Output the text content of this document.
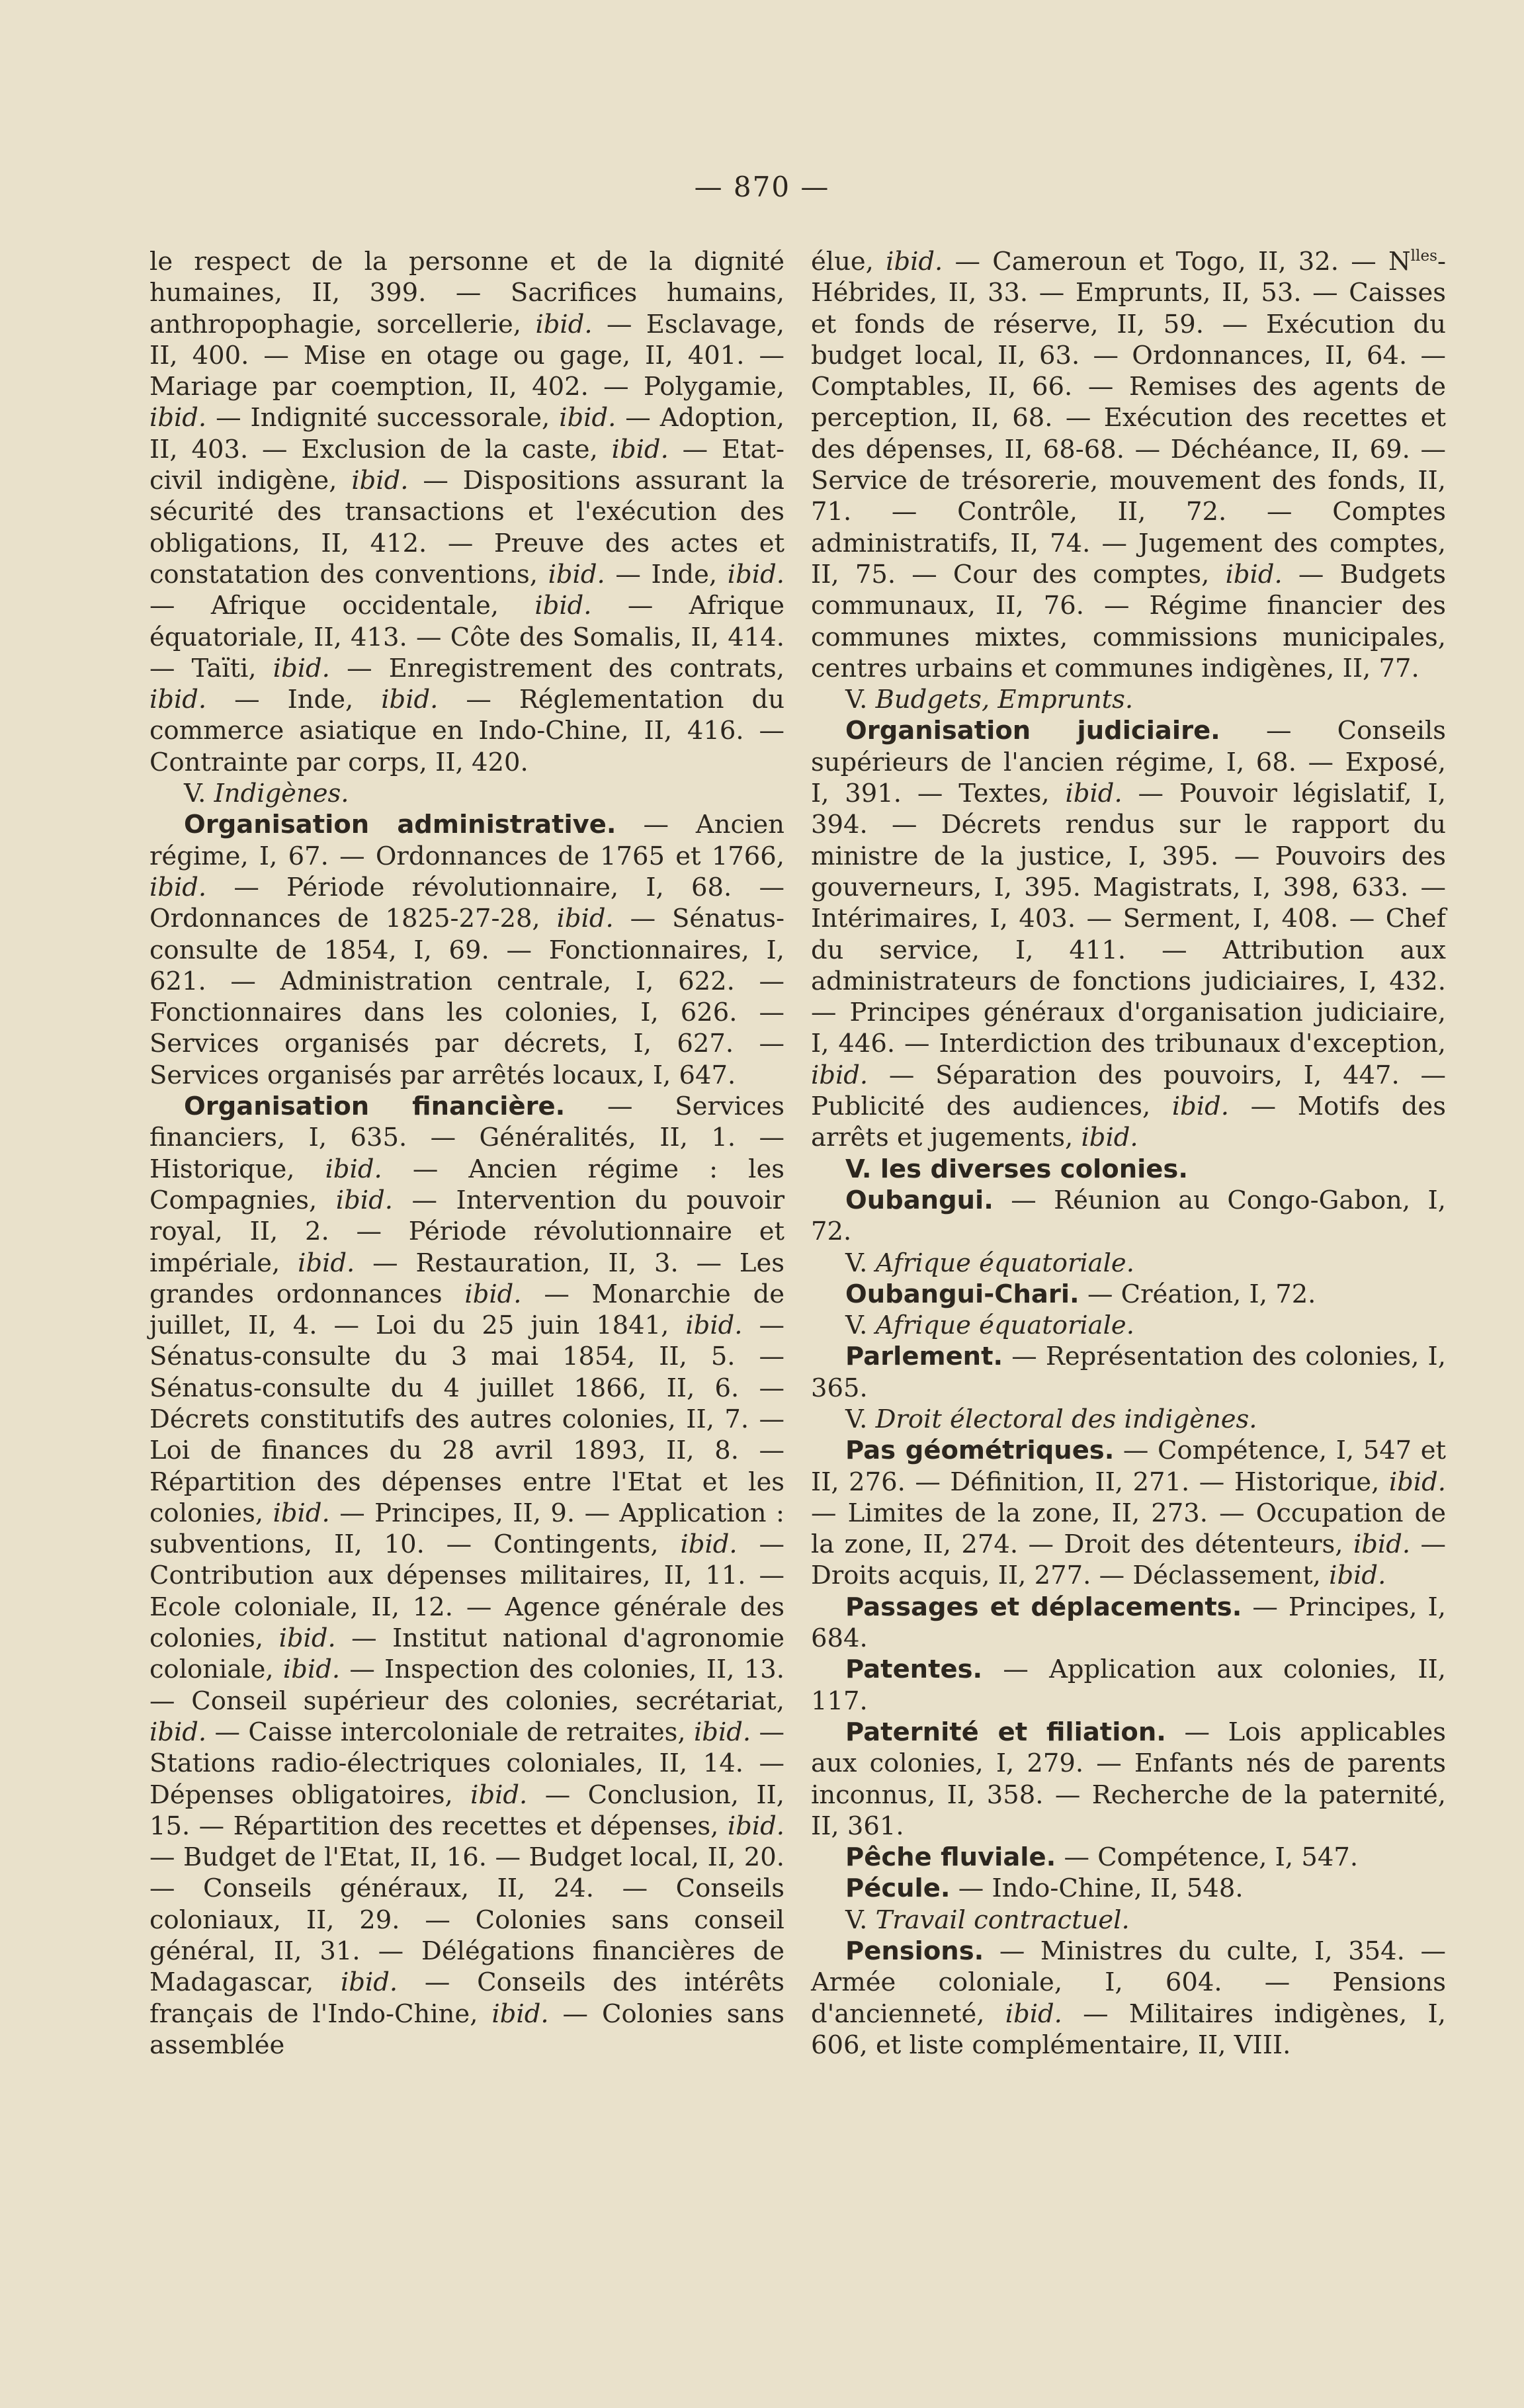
— 870 —

le respect de la personne et de la dignité humaines, II, 399. — Sacrifices humains, anthropophagie, sorcellerie, ibid. — Esclavage, II, 400. — Mise en otage ou gage, II, 401. — Mariage par coemption, II, 402. — Polygamie, ibid. — Indignité successorale, ibid. — Adoption, II, 403. — Exclusion de la caste, ibid. — Etat-civil indigène, ibid. — Dispositions assurant la sécurité des transactions et l'exécution des obligations, II, 412. — Preuve des actes et constatation des conventions, ibid. — Inde, ibid. — Afrique occidentale, ibid. — Afrique équatoriale, II, 413. — Côte des Somalis, II, 414. — Taïti, ibid. — Enregistrement des contrats, ibid. — Inde, ibid. — Réglementation du commerce asiatique en Indo-Chine, II, 416. — Contrainte par corps, II, 420.

V. Indigènes.

Organisation administrative. — Ancien régime, I, 67. — Ordonnances de 1765 et 1766, ibid. — Période révolutionnaire, I, 68. — Ordonnances de 1825-27-28, ibid. — Sénatus-consulte de 1854, I, 69. — Fonctionnaires, I, 621. — Administration centrale, I, 622. — Fonctionnaires dans les colonies, I, 626. — Services organisés par décrets, I, 627. — Services organisés par arrêtés locaux, I, 647.

Organisation financière. — Services financiers, I, 635. — Généralités, II, 1. — Historique, ibid. — Ancien régime : les Compagnies, ibid. — Intervention du pouvoir royal, II, 2. — Période révolutionnaire et impériale, ibid. — Restauration, II, 3. — Les grandes ordonnances ibid. — Monarchie de juillet, II, 4. — Loi du 25 juin 1841, ibid. — Sénatus-consulte du 3 mai 1854, II, 5. — Sénatus-consulte du 4 juillet 1866, II, 6. — Décrets constitutifs des autres colonies, II, 7. — Loi de finances du 28 avril 1893, II, 8. — Répartition des dépenses entre l'Etat et les colonies, ibid. — Principes, II, 9. — Application : subventions, II, 10. — Contingents, ibid. — Contribution aux dépenses militaires, II, 11. — Ecole coloniale, II, 12. — Agence générale des colonies, ibid. — Institut national d'agronomie coloniale, ibid. — Inspection des colonies, II, 13. — Conseil supérieur des colonies, secrétariat, ibid. — Caisse intercoloniale de retraites, ibid. — Stations radio-électriques coloniales, II, 14. — Dépenses obligatoires, ibid. — Conclusion, II, 15. — Répartition des recettes et dépenses, ibid. — Budget de l'Etat, II, 16. — Budget local, II, 20. — Conseils généraux, II, 24. — Conseils coloniaux, II, 29. — Colonies sans conseil général, II, 31. — Délégations financières de Madagascar, ibid. — Conseils des intérêts français de l'Indo-Chine, ibid. — Colonies sans assemblée

élue, ibid. — Cameroun et Togo, II, 32. — $N^{lles}$-Hébrides, II, 33. — Emprunts, II, 53. — Caisses et fonds de réserve, II, 59. — Exécution du budget local, II, 63. — Ordonnances, II, 64. — Comptables, II, 66. — Remises des agents de perception, II, 68. — Exécution des recettes et des dépenses, II, 68-68. — Déchéance, II, 69. — Service de trésorerie, mouvement des fonds, II, 71. — Contrôle, II, 72. — Comptes administratifs, II, 74. — Jugement des comptes, II, 75. — Cour des comptes, ibid. — Budgets communaux, II, 76. — Régime financier des communes mixtes, commissions municipales, centres urbains et communes indigènes, II, 77.

V. Budgets, Emprunts.

Organisation judiciaire. — Conseils supérieurs de l'ancien régime, I, 68. — Exposé, I, 391. — Textes, ibid. — Pouvoir législatif, I, 394. — Décrets rendus sur le rapport du ministre de la justice, I, 395. — Pouvoirs des gouverneurs, I, 395. Magistrats, I, 398, 633. — Intérimaires, I, 403. — Serment, I, 408. — Chef du service, I, 411. — Attribution aux administrateurs de fonctions judiciaires, I, 432. — Principes généraux d'organisation judiciaire, I, 446. — Interdiction des tribunaux d'exception, ibid. — Séparation des pouvoirs, I, 447. — Publicité des audiences, ibid. — Motifs des arrêts et jugements, ibid.

V. les diverses colonies.

Oubangui. — Réunion au Congo-Gabon, I, 72.

V. Afrique équatoriale.

Oubangui-Chari. — Création, I, 72.

V. Afrique équatoriale.

Parlement. — Représentation des colonies, I, 365.

V. Droit électoral des indigènes.

Pas géométriques. — Compétence, I, 547 et II, 276. — Définition, II, 271. — Historique, ibid. — Limites de la zone, II, 273. — Occupation de la zone, II, 274. — Droit des détenteurs, ibid. — Droits acquis, II, 277. — Déclassement, ibid.

Passages et déplacements. — Principes, I, 684.

Patentes. — Application aux colonies, II, 117.

Paternité et filiation. — Lois applicables aux colonies, I, 279. — Enfants nés de parents inconnus, II, 358. — Recherche de la paternité, II, 361.

Pêche fluviale. — Compétence, I, 547.

Pécule. — Indo-Chine, II, 548.

V. Travail contractuel.

Pensions. — Ministres du culte, I, 354. — Armée coloniale, I, 604. — Pensions d'ancienneté, ibid. — Militaires indigènes, I, 606, et liste complémentaire, II, VIII.
